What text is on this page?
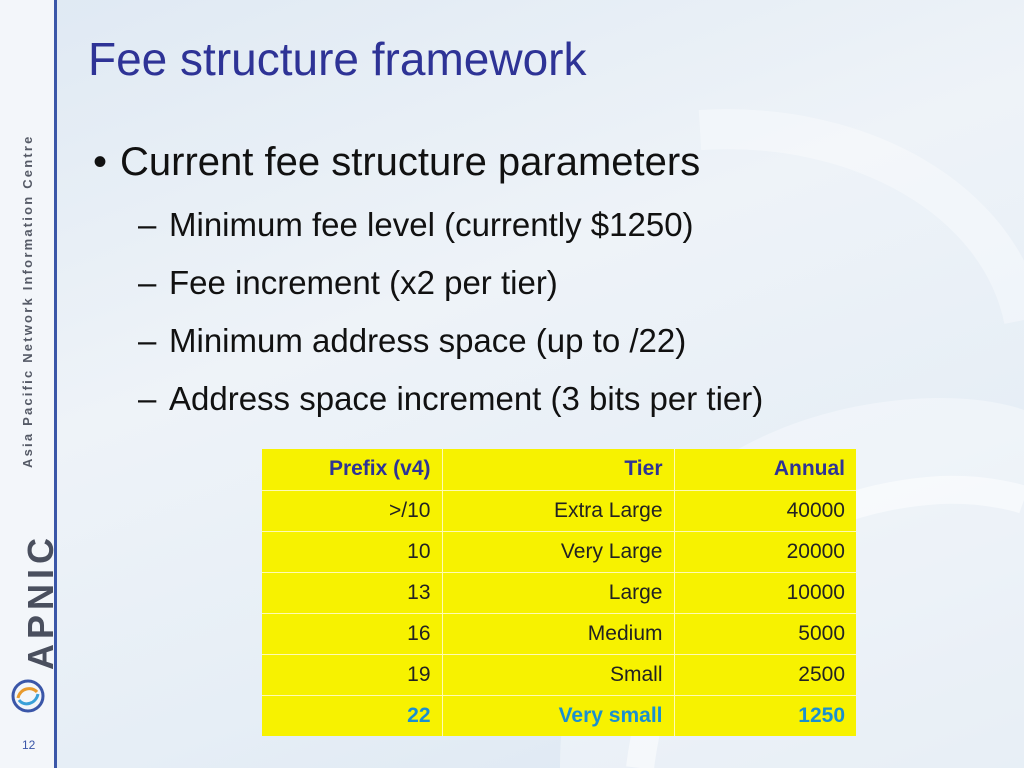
Asia Pacific Network Information Centre
APNIC
12
Fee structure framework

• Current fee structure parameters

– Minimum fee level (currently $1250)
– Fee increment (x2 per tier)
– Minimum address space (up to /22)
– Address space increment (3 bits per tier)
Prefix (v4)	Tier	Annual
>/10	Extra Large	40000
10	Very Large	20000
13	Large	10000
16	Medium	5000
19	Small	2500
22	Very small	1250
